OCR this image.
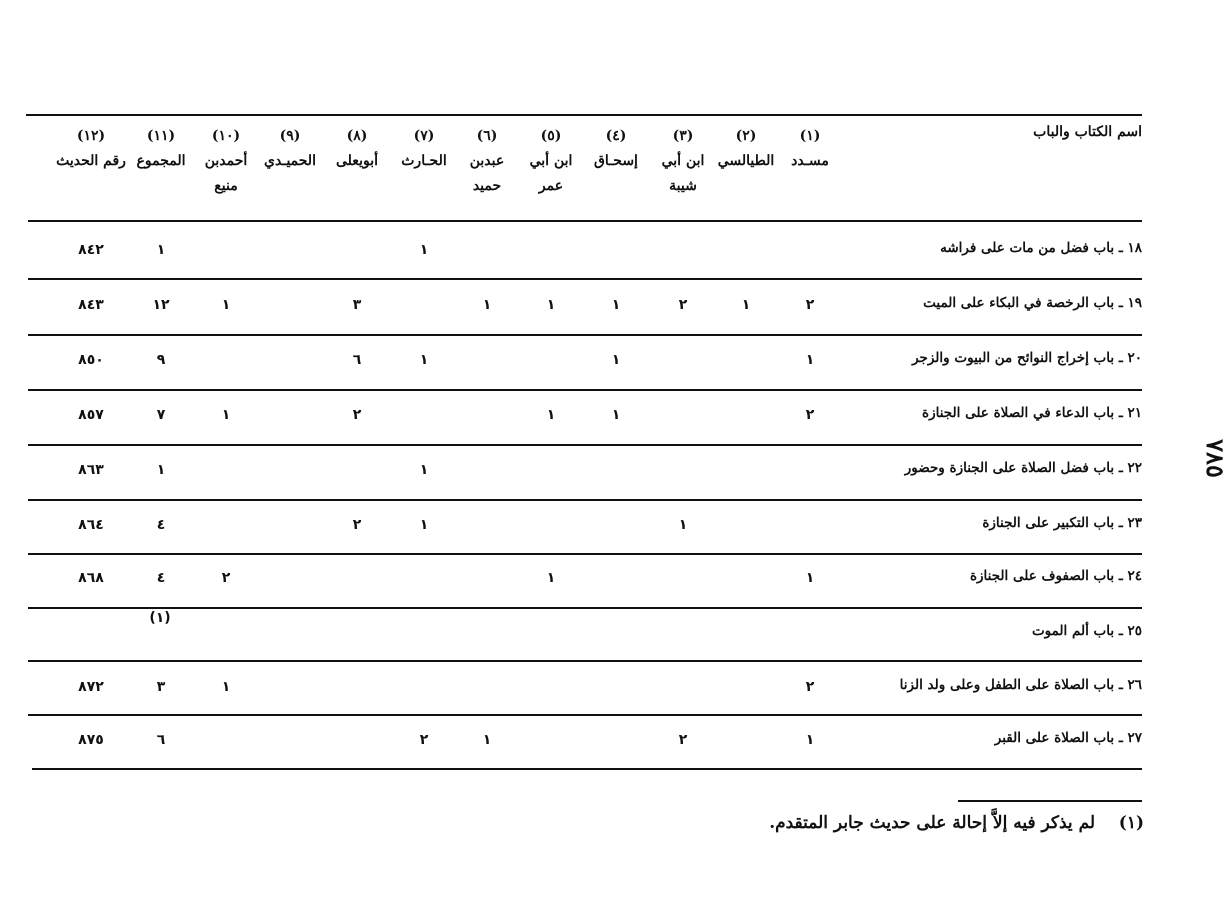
٧٨٥
اسم الكتاب والباب
(١)
مسـدد
(٢)
الطيالسي
(٣)
ابن أبي
شيبة
(٤)
إسحـاق
(٥)
ابن أبي
عمر
(٦)
عبدبن
حميد
(٧)
الحـارث
(٨)
أبويعلى
(٩)
الحميـدي
(١٠)
أحمدبن
منيع
(١١)
المجموع
(١٢)
رقم الحديث
١٨ ـ باب فضل من مات على فراشه
١
١
٨٤٢
١٩ ـ باب الرخصة في البكاء على الميت
٢
١
٢
١
١
١
٣
١
١٢
٨٤٣
٢٠ ـ باب إخراج النوائح من البيوت والزجر
١
١
١
٦
٩
٨٥٠
٢١ ـ باب الدعاء في الصلاة على الجنازة
٢
١
١
٢
١
٧
٨٥٧
٢٢ ـ باب فضل الصلاة على الجنازة وحضور
١
١
٨٦٣
٢٣ ـ باب التكبير على الجنازة
١
١
٢
٤
٨٦٤
٢٤ ـ باب الصفوف على الجنازة
١
١
٢
٤
٨٦٨
٢٥ ـ باب ألم الموت
٢٦ ـ باب الصلاة على الطفل وعلى ولد الزنا
٢
١
٣
٨٧٢
٢٧ ـ باب الصلاة على القبر
١
٢
١
٢
٦
٨٧٥
(١)
(١)    لم يذكر فيه إلاَّ إحالة على حديث جابر المتقدم.
